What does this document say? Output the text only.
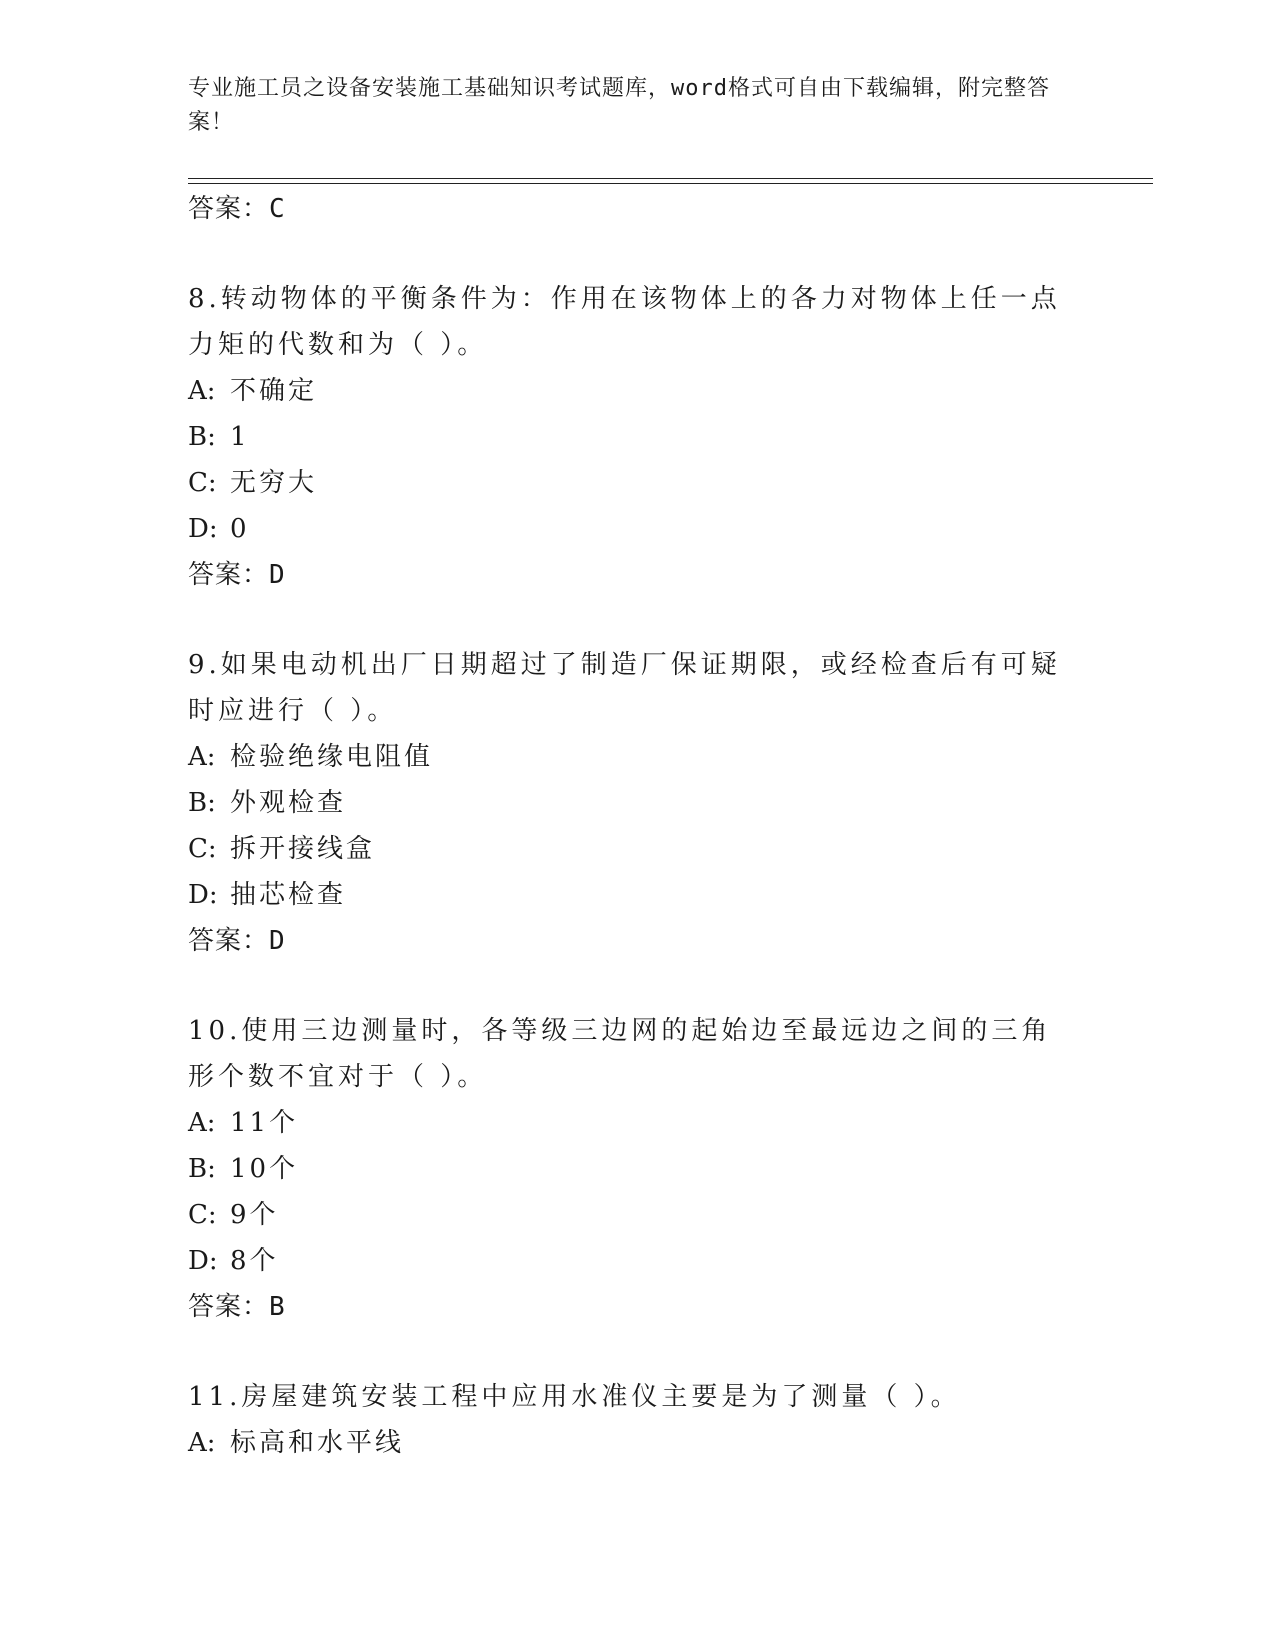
专业施工员之设备安装施工基础知识考试题库，word格式可自由下载编辑，附完整答案！
答案：C
8.转动物体的平衡条件为：作用在该物体上的各力对物体上任一点力矩的代数和为（ ）。
A: 不确定
B: 1
C: 无穷大
D: 0
答案：D
9.如果电动机出厂日期超过了制造厂保证期限，或经检查后有可疑时应进行（ ）。
A: 检验绝缘电阻值
B: 外观检查
C: 拆开接线盒
D: 抽芯检查
答案：D
10.使用三边测量时，各等级三边网的起始边至最远边之间的三角形个数不宜对于（ ）。
A: 11个
B: 10个
C: 9个
D: 8个
答案：B
11.房屋建筑安装工程中应用水准仪主要是为了测量（ ）。
A: 标高和水平线
